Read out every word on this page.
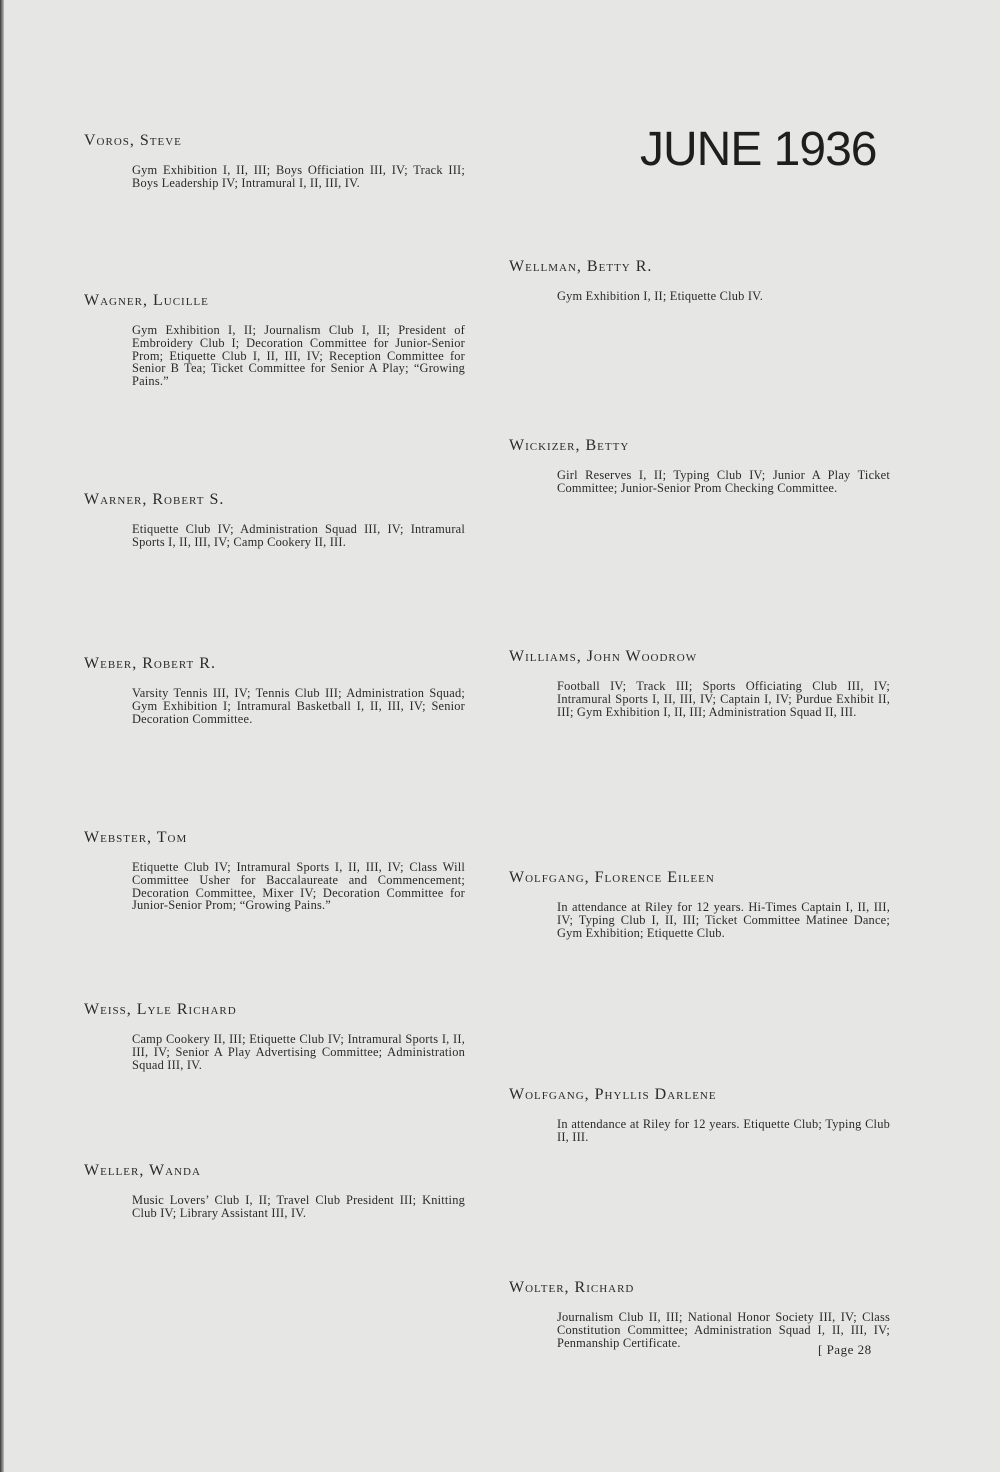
JUNE 1936
Voros, Steve
Gym Exhibition I, II, III; Boys Officiation III, IV; Track III; Boys Leadership IV; Intramural I, II, III, IV.
Wagner, Lucille
Gym Exhibition I, II; Journalism Club I, II; President of Embroidery Club I; Decoration Committee for Junior-Senior Prom; Etiquette Club I, II, III, IV; Reception Committee for Senior B Tea; Ticket Committee for Senior A Play; “Growing Pains.”
Warner, Robert S.
Etiquette Club IV; Administration Squad III, IV; Intramural Sports I, II, III, IV; Camp Cookery II, III.
Weber, Robert R.
Varsity Tennis III, IV; Tennis Club III; Administration Squad; Gym Exhibition I; Intramural Basketball I, II, III, IV; Senior Decoration Committee.
Webster, Tom
Etiquette Club IV; Intramural Sports I, II, III, IV; Class Will Committee Usher for Baccalaureate and Commencement; Decoration Committee, Mixer IV; Decoration Committee for Junior-Senior Prom; “Growing Pains.”
Weiss, Lyle Richard
Camp Cookery II, III; Etiquette Club IV; Intramural Sports I, II, III, IV; Senior A Play Advertising Committee; Administration Squad III, IV.
Weller, Wanda
Music Lovers’ Club I, II; Travel Club President III; Knitting Club IV; Library Assistant III, IV.
Wellman, Betty R.
Gym Exhibition I, II; Etiquette Club IV.
Wickizer, Betty
Girl Reserves I, II; Typing Club IV; Junior A Play Ticket Committee; Junior-Senior Prom Checking Committee.
Williams, John Woodrow
Football IV; Track III; Sports Officiating Club III, IV; Intramural Sports I, II, III, IV; Captain I, IV; Purdue Exhibit II, III; Gym Exhibition I, II, III; Administration Squad II, III.
Wolfgang, Florence Eileen
In attendance at Riley for 12 years. Hi-Times Captain I, II, III, IV; Typing Club I, II, III; Ticket Committee Matinee Dance; Gym Exhibition; Etiquette Club.
Wolfgang, Phyllis Darlene
In attendance at Riley for 12 years. Etiquette Club; Typing Club II, III.
Wolter, Richard
Journalism Club II, III; National Honor Society III, IV; Class Constitution Committee; Administration Squad I, II, III, IV; Penmanship Certificate.	[ Page 28
